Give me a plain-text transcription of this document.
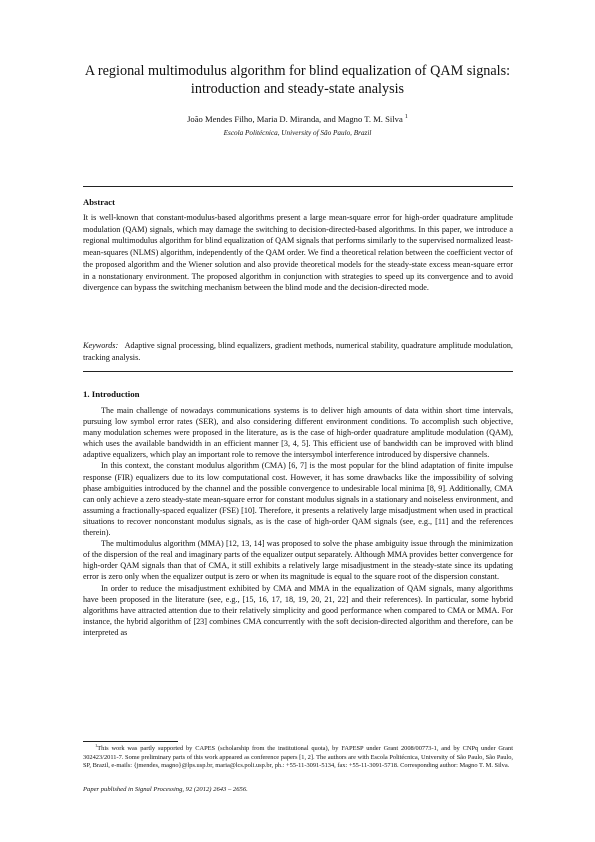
A regional multimodulus algorithm for blind equalization of QAM signals: introduction and steady-state analysis
João Mendes Filho, Maria D. Miranda, and Magno T. M. Silva $^1$
Escola Politécnica, University of São Paulo, Brazil
Abstract
It is well-known that constant-modulus-based algorithms present a large mean-square error for high-order quadrature amplitude modulation (QAM) signals, which may damage the switching to decision-directed-based algorithms. In this paper, we introduce a regional multimodulus algorithm for blind equalization of QAM signals that performs similarly to the supervised normalized least-mean-squares (NLMS) algorithm, independently of the QAM order. We find a theoretical relation between the coefficient vector of the proposed algorithm and the Wiener solution and also provide theoretical models for the steady-state excess mean-square error in a nonstationary environment. The proposed algorithm in conjunction with strategies to speed up its convergence and to avoid divergence can bypass the switching mechanism between the blind mode and the decision-directed mode.
Keywords: Adaptive signal processing, blind equalizers, gradient methods, numerical stability, quadrature amplitude modulation, tracking analysis.
1. Introduction

The main challenge of nowadays communications systems is to deliver high amounts of data within short time intervals, pursuing low symbol error rates (SER), and also considering different environment conditions. To accomplish such objective, many modulation schemes were proposed in the literature, as is the case of high-order quadrature amplitude modulation (QAM), which uses the available bandwidth in an efficient manner [3, 4, 5]. This efficient use of bandwidth can be improved with blind adaptive equalizers, which play an important role to remove the intersymbol interference introduced by dispersive channels.

In this context, the constant modulus algorithm (CMA) [6, 7] is the most popular for the blind adaptation of finite impulse response (FIR) equalizers due to its low computational cost. However, it has some drawbacks like the impossibility of solving phase ambiguities introduced by the channel and the possible convergence to undesirable local minima [8, 9]. Additionally, CMA can only achieve a zero steady-state mean-square error for constant modulus signals in a stationary and noiseless environment, and assuming a fractionally-spaced equalizer (FSE) [10]. Therefore, it presents a relatively large misadjustment when used in practical situations to recover nonconstant modulus signals, as is the case of high-order QAM signals (see, e.g., [11] and the references therein).

The multimodulus algorithm (MMA) [12, 13, 14] was proposed to solve the phase ambiguity issue through the minimization of the dispersion of the real and imaginary parts of the equalizer output separately. Although MMA provides better convergence for high-order QAM signals than that of CMA, it still exhibits a relatively large misadjustment in the steady-state since its updating error is zero only when the equalizer output is zero or when its magnitude is equal to the square root of the dispersion constant.

In order to reduce the misadjustment exhibited by CMA and MMA in the equalization of QAM signals, many algorithms have been proposed in the literature (see, e.g., [15, 16, 17, 18, 19, 20, 21, 22] and their references). In particular, some hybrid algorithms have attracted attention due to their relatively simplicity and good performance when compared to CMA or MMA. For instance, the hybrid algorithm of [23] combines CMA concurrently with the soft decision-directed algorithm and therefore, can be interpreted as

$^1$This work was partly supported by CAPES (scholarship from the institutional quota), by FAPESP under Grant 2008/00773-1, and by CNPq under Grant 302423/2011-7. Some preliminary parts of this work appeared as conference papers [1, 2]. The authors are with Escola Politécnica, University of São Paulo, São Paulo, SP, Brazil, e-mails: {jmendes, magno}@lps.usp.br, maria@lcs.poli.usp.br, ph.: +55-11-3091-5134, fax: +55-11-3091-5718. Corresponding author: Magno T. M. Silva.

Paper published in Signal Processing, 92 (2012) 2643 – 2656.
